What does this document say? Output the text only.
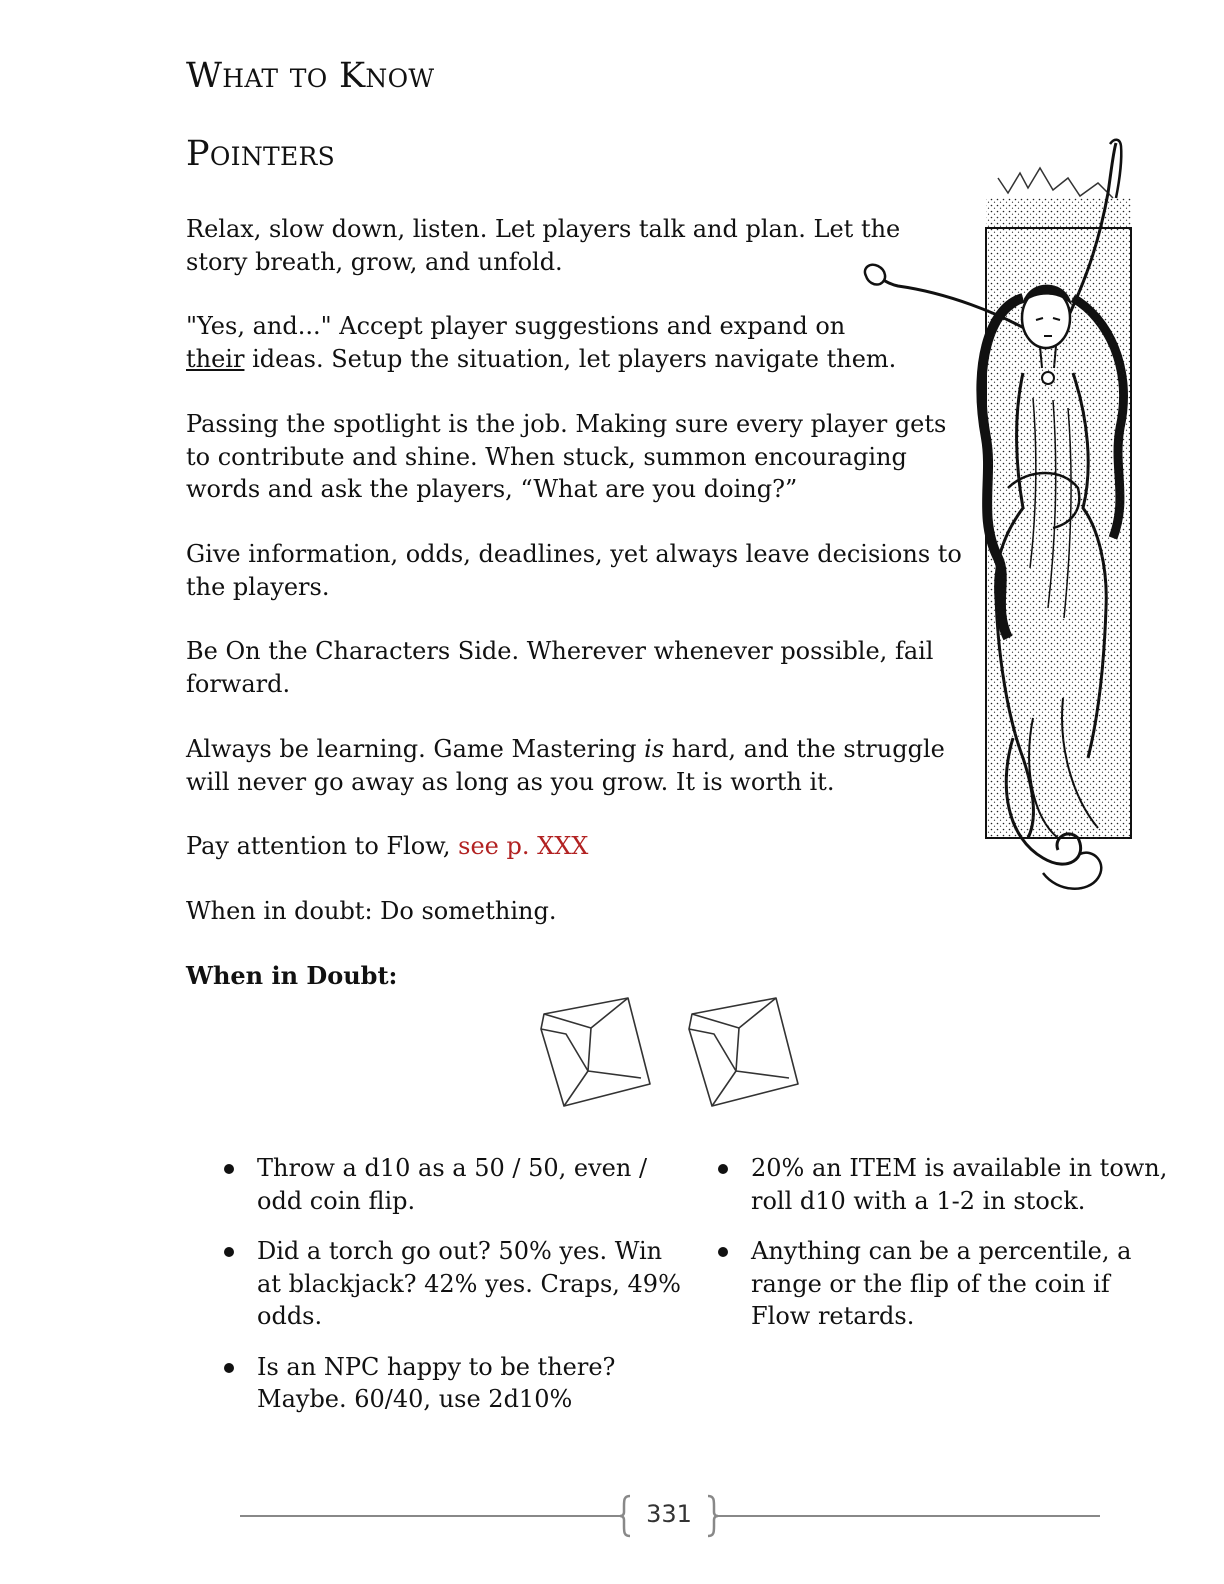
What to Know
Pointers

Relax, slow down, listen. Let players talk and plan. Let the story breath, grow, and unfold.

"Yes, and..." Accept player suggestions and expand on their ideas. Setup the situation, let players navigate them.

Passing the spotlight is the job. Making sure every player gets to contribute and shine. When stuck, summon encouraging words and ask the players, “What are you doing?”

Give information, odds, deadlines, yet always leave decisions to the players.

Be On the Characters Side. Wherever whenever possible, fail forward.

Always be learning. Game Mastering is hard, and the struggle will never go away as long as you grow. It is worth it.

Pay attention to Flow, see p. XXX

When in doubt: Do something.

When in Doubt:

Throw a d10 as a 50 / 50, even / odd coin flip.
Did a torch go out? 50% yes. Win at blackjack? 42% yes. Craps, 49% odds.
Is an NPC happy to be there? Maybe. 60/40, use 2d10%
20% an ITEM is available in town, roll d10 with a 1-2 in stock.
Anything can be a percentile, a range or the flip of the coin if Flow retards.
331
